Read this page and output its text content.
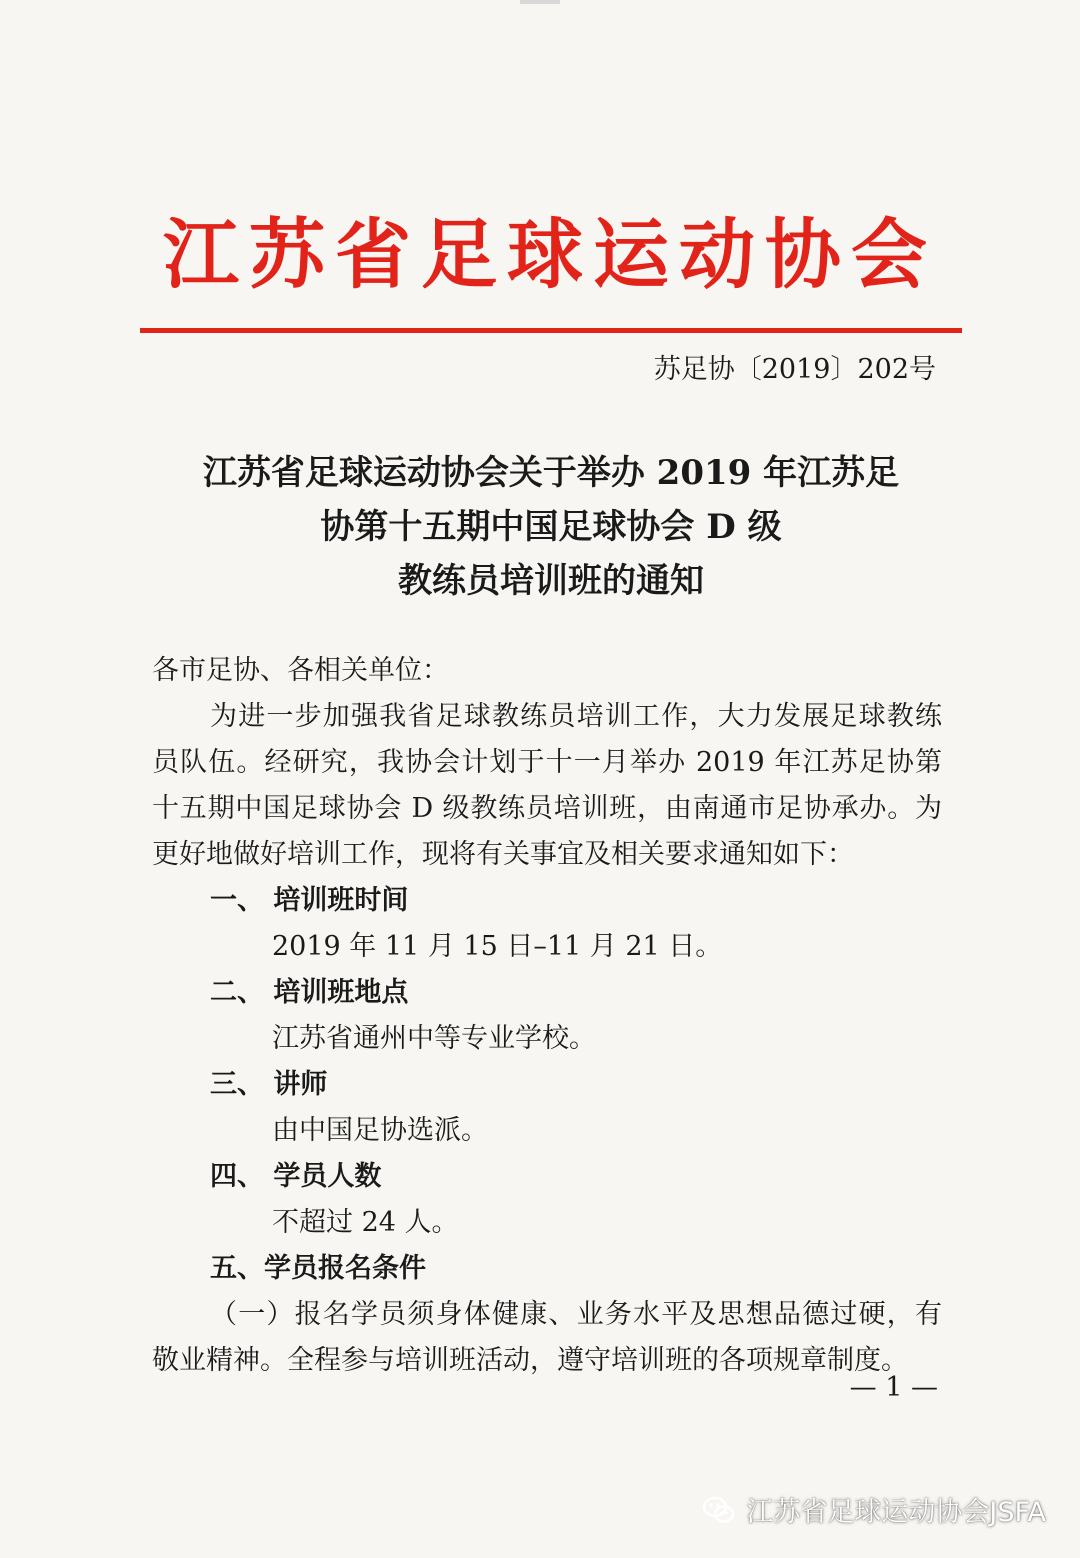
江苏省足球运动协会
苏足协〔2019〕202号
江苏省足球运动协会关于举办 2019 年江苏足
协第十五期中国足球协会 D 级
教练员培训班的通知
各市足协、各相关单位：
为进一步加强我省足球教练员培训工作，大力发展足球教练
员队伍。经研究，我协会计划于十一月举办 2019 年江苏足协第
十五期中国足球协会 D 级教练员培训班，由南通市足协承办。为
更好地做好培训工作，现将有关事宜及相关要求通知如下：
一、 培训班时间
2019 年 11 月 15 日–11 月 21 日。
二、 培训班地点
江苏省通州中等专业学校。
三、 讲师
由中国足协选派。
四、 学员人数
不超过 24 人。
五、学员报名条件
（一）报名学员须身体健康、业务水平及思想品德过硬，有
敬业精神。全程参与培训班活动，遵守培训班的各项规章制度。
— 1 —
江苏省足球运动协会JSFA
